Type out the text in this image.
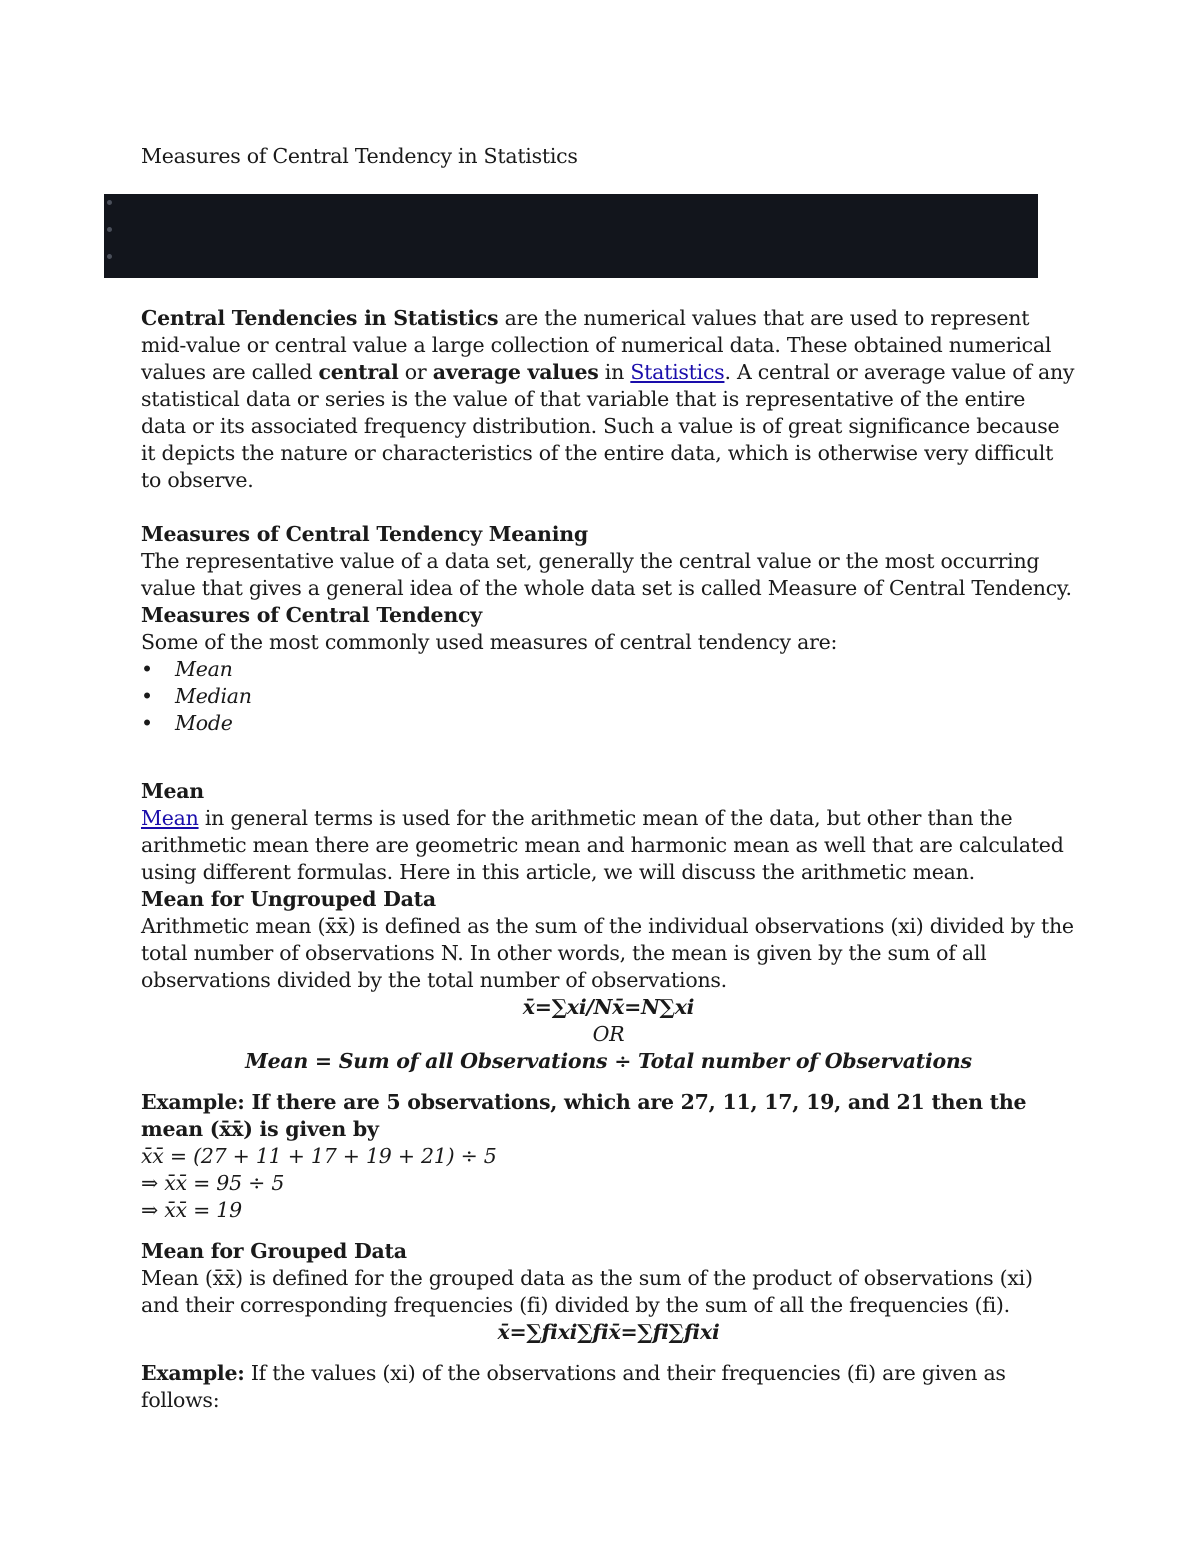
Measures of Central Tendency in Statistics

Central Tendencies in Statistics are the numerical values that are used to represent mid-value or central value a large collection of numerical data. These obtained numerical values are called central or average values in Statistics. A central or average value of any statistical data or series is the value of that variable that is representative of the entire data or its associated frequency distribution. Such a value is of great significance because it depicts the nature or characteristics of the entire data, which is otherwise very difficult to observe.

Measures of Central Tendency Meaning

The representative value of a data set, generally the central value or the most occurring value that gives a general idea of the whole data set is called Measure of Central Tendency.

Measures of Central Tendency

Some of the most commonly used measures of central tendency are:

• Mean
• Median
• Mode
Mean

Mean in general terms is used for the arithmetic mean of the data, but other than the arithmetic mean there are geometric mean and harmonic mean as well that are calculated using different formulas. Here in this article, we will discuss the arithmetic mean.

Mean for Ungrouped Data

Arithmetic mean (x̄x̄) is defined as the sum of the individual observations (xi) divided by the total number of observations N. In other words, the mean is given by the sum of all observations divided by the total number of observations.

x̄=∑xi/Nx̄=N∑xi
OR
Mean = Sum of all Observations ÷ Total number of Observations
Example: If there are 5 observations, which are 27, 11, 17, 19, and 21 then the mean (x̄x̄) is given by
x̄x̄ = (27 + 11 + 17 + 19 + 21) ÷ 5
⇒ x̄x̄ = 95 ÷ 5
⇒ x̄x̄ = 19
Mean for Grouped Data

Mean (x̄x̄) is defined for the grouped data as the sum of the product of observations (xi) and their corresponding frequencies (fi) divided by the sum of all the frequencies (fi).

x̄=∑fixi∑fix̄=∑fi∑fixi

Example: If the values (xi) of the observations and their frequencies (fi) are given as follows:
